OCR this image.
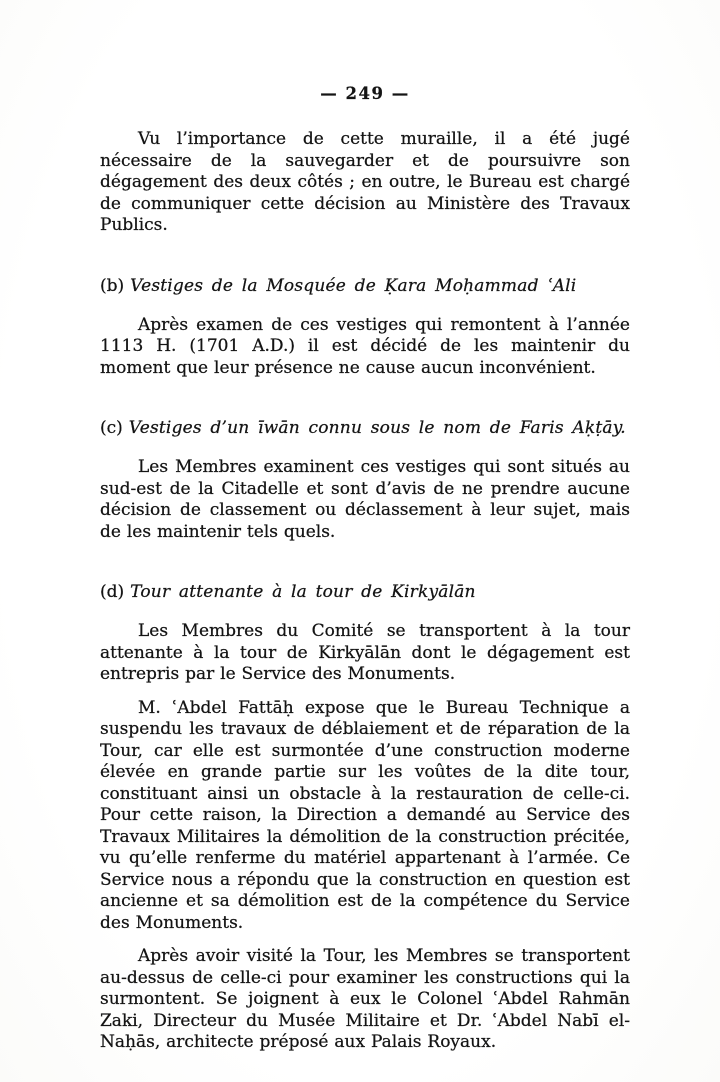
— 249 —

Vu l’importance de cette muraille, il a été jugé nécessaire de la sauvegarder et de poursuivre son dégagement des deux côtés ; en outre, le Bureau est chargé de communiquer cette décision au Ministère des Travaux Publics.

(b) Vestiges de la Mosquée de Ḳara Moḥammad ʿAli

Après examen de ces vestiges qui remontent à l’année 1113 H. (1701 A.D.) il est décidé de les maintenir du moment que leur présence ne cause aucun inconvénient.

(c) Vestiges d’un īwān connu sous le nom de Faris Aḳṭāy.

Les Membres examinent ces vestiges qui sont situés au sud-est de la Citadelle et sont d’avis de ne prendre aucune décision de classement ou déclassement à leur sujet, mais de les maintenir tels quels.

(d) Tour attenante à la tour de Kirkyālān

Les Membres du Comité se transportent à la tour attenante à la tour de Kirkyālān dont le dégagement est entrepris par le Service des Monuments.

M. ʿAbdel Fattāḥ expose que le Bureau Technique a suspendu les travaux de déblaiement et de réparation de la Tour, car elle est surmontée d’une construction moderne élevée en grande partie sur les voûtes de la dite tour, constituant ainsi un obstacle à la restauration de celle-ci. Pour cette raison, la Direction a demandé au Service des Travaux Militaires la démolition de la construction précitée, vu qu’elle renferme du matériel appartenant à l’armée. Ce Service nous a répondu que la construction en question est ancienne et sa démolition est de la compétence du Service des Monuments.

Après avoir visité la Tour, les Membres se transportent au-dessus de celle-ci pour examiner les constructions qui la surmontent. Se joignent à eux le Colonel ʿAbdel Rahmān Zaki, Directeur du Musée Militaire et Dr. ʿAbdel Nabī el-Naḥās, architecte préposé aux Palais Royaux.
